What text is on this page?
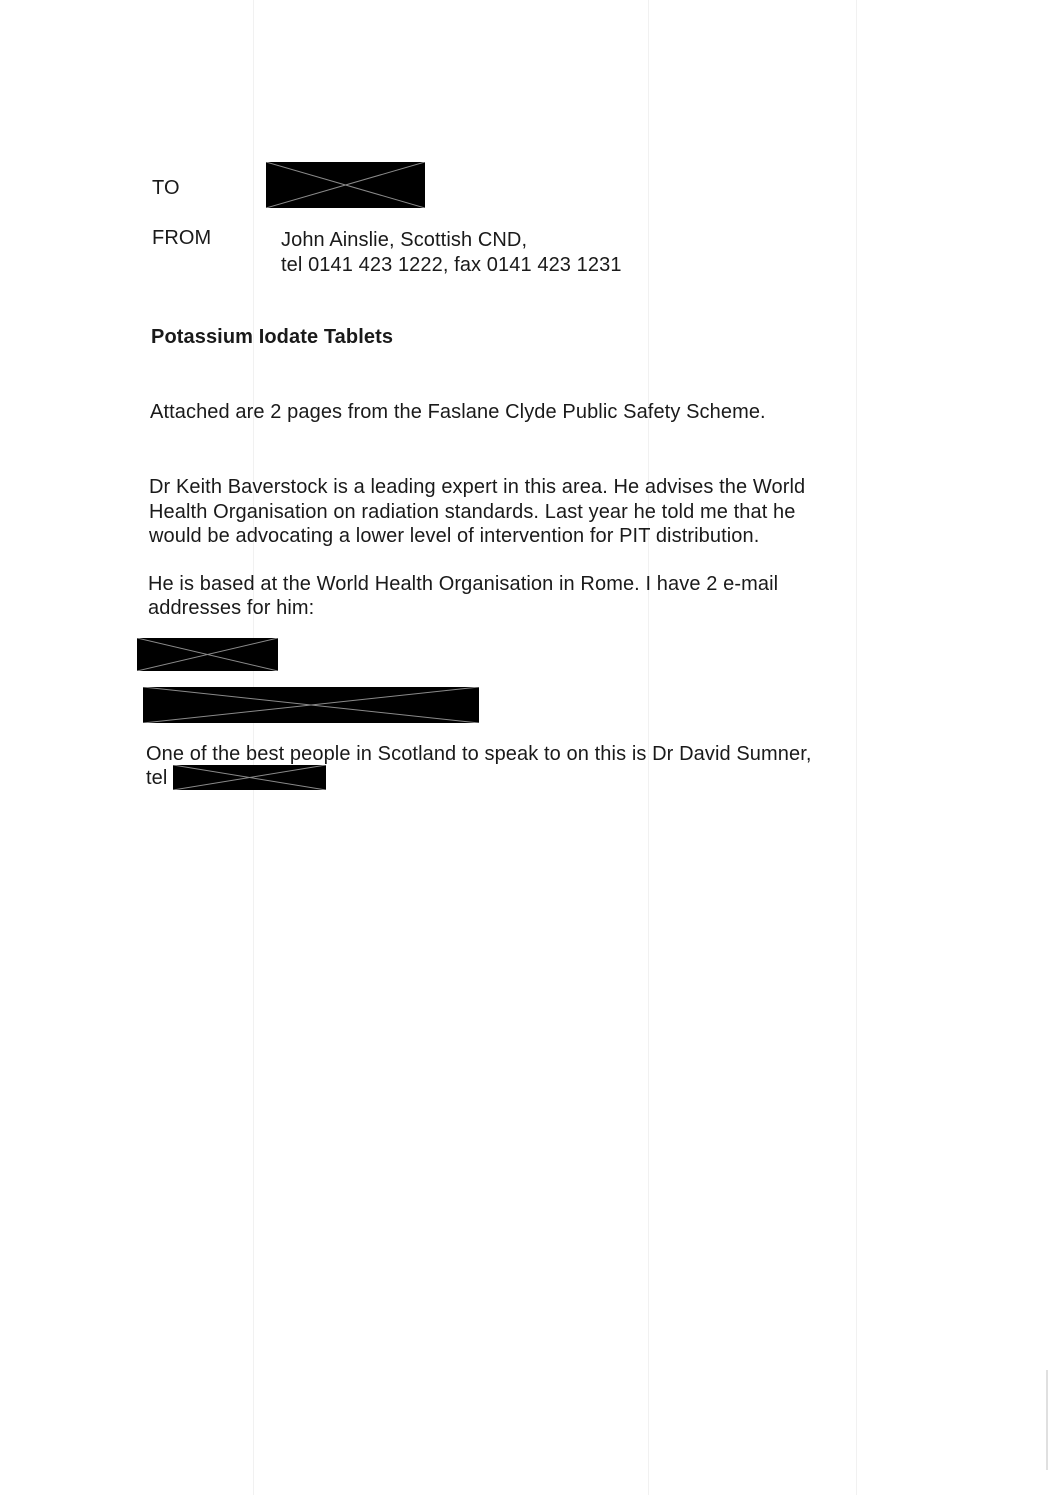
TO
FROM	John Ainslie, Scottish CND,
tel 0141 423 1222, fax 0141 423 1231
Potassium Iodate Tablets
Attached are 2 pages from the Faslane Clyde Public Safety Scheme.
Dr Keith Baverstock is a leading expert in this area. He advises the World
Health Organisation on radiation standards. Last year he told me that he
would be advocating a lower level of intervention for PIT distribution.
He is based at the World Health Organisation in Rome. I have 2 e-mail
addresses for him:
One of the best people in Scotland to speak to on this is Dr David Sumner,
tel
